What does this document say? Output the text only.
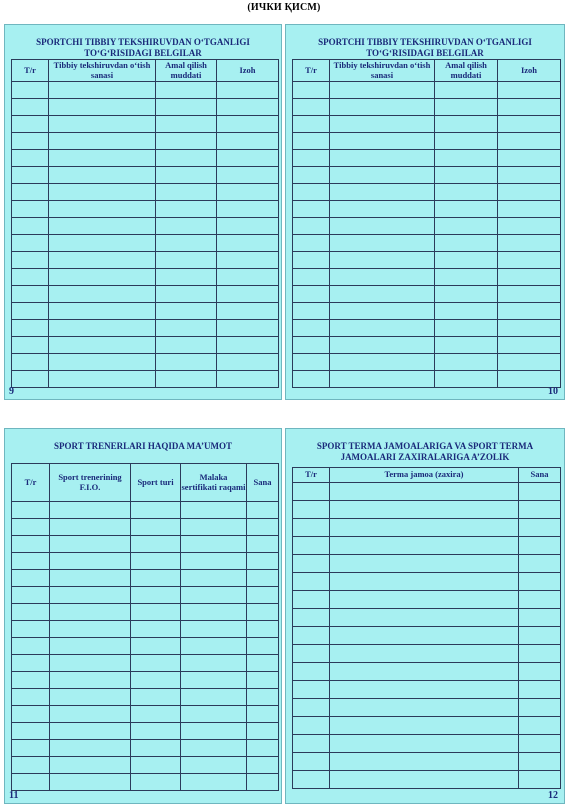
(ИЧКИ ҚИСМ)
SPORTCHI TIBBIY TEKSHIRUVDAN O‘TGANLIGI
TO‘G‘RISIDAGI BELGILAR
T/r	Tibbiy tekshiruvdan o‘tish sanasi	Amal qilish muddati	Izoh

9
SPORTCHI TIBBIY TEKSHIRUVDAN O‘TGANLIGI
TO‘G‘RISIDAGI BELGILAR
T/r	Tibbiy tekshiruvdan o‘tish sanasi	Amal qilish muddati	Izoh

10
SPORT TRENERLARI HAQIDA MA’UMOT
T/r	Sport trenerining F.I.O.	Sport turi	Malaka sertifikati raqami	Sana

11
SPORT TERMA JAMOALARIGA VA SPORT TERMA
JAMOALARI ZAXIRALARIGA A’ZOLIK
T/r	Terma jamoa (zaxira)	Sana

12
